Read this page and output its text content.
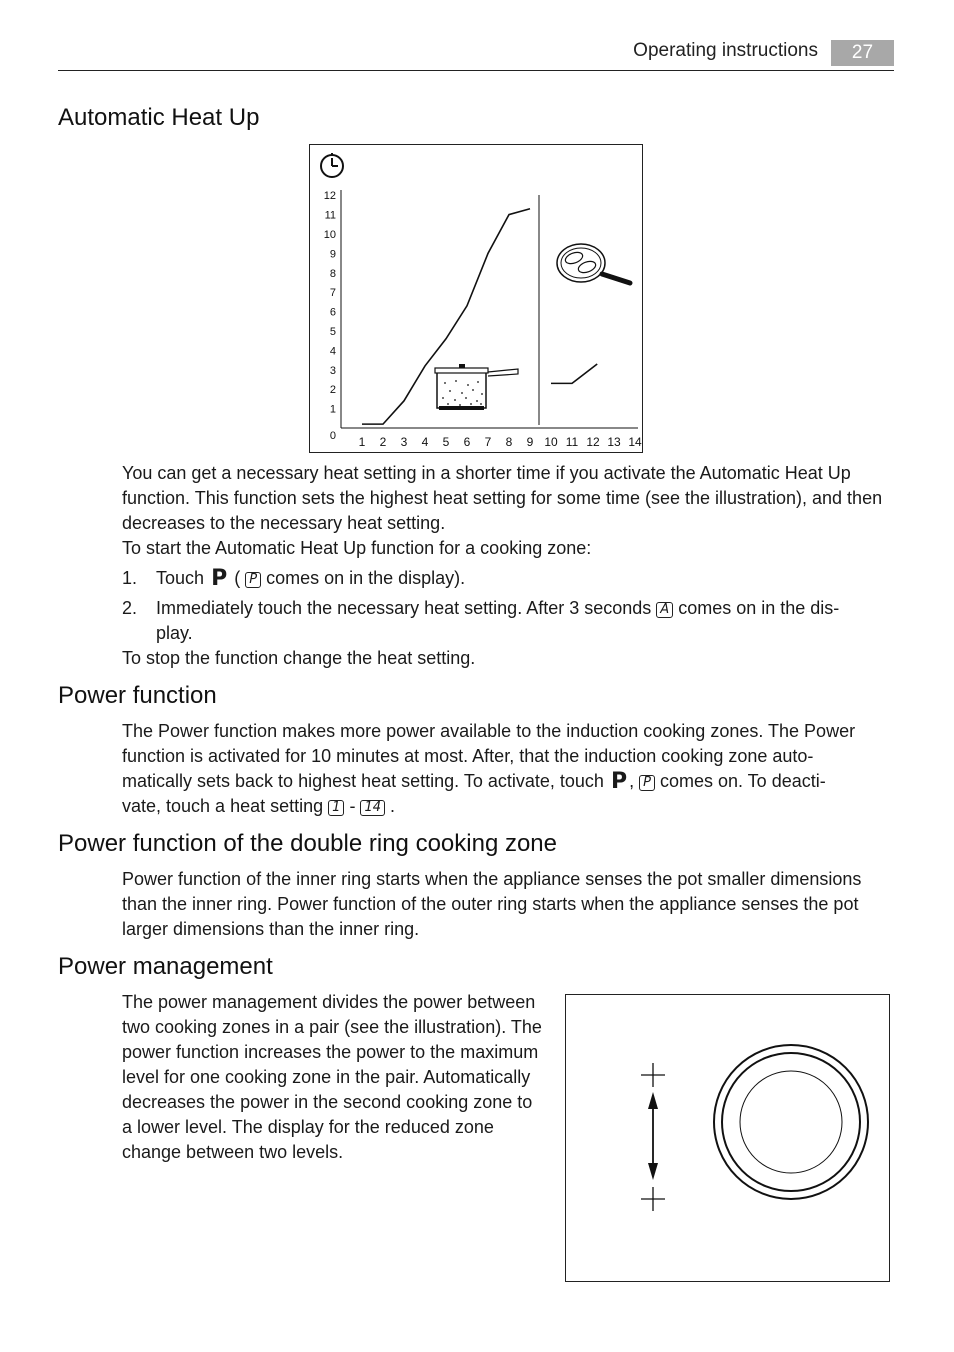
Operating instructions	27
Automatic Heat Up
0
1
2
3
4
5
6
7
8
9
10
11
12
1 2 3 4 5 6 7 8 9 10 11 12 13 14

You can get a necessary heat setting in a shorter time if you activate the Automatic Heat Up function. This function sets the highest heat setting for some time (see the illustration), and then decreases to the necessary heat setting.

To start the Automatic Heat Up function for a cooking zone:

1. Touch P ( P comes on in the display).
2. Immediately touch the necessary heat setting. After 3 seconds A comes on in the dis-
play.

To stop the function change the heat setting.

Power function
The Power function makes more power available to the induction cooking zones. The Power
function is activated for 10 minutes at most. After, that the induction cooking zone auto-
matically sets back to highest heat setting. To activate, touch P , P comes on. To deacti-
vate, touch a heat setting 1 - 14 .
Power function of the double ring cooking zone

Power function of the inner ring starts when the appliance senses the pot smaller dimensions than the inner ring. Power function of the outer ring starts when the appliance senses the pot larger dimensions than the inner ring.

Power management

The power management divides the power between two cooking zones in a pair (see the illustration). The power function increases the power to the maximum level for one cooking zone in the pair. Automatically decreases the power in the second cooking zone to a lower level. The display for the reduced zone change between two levels.
